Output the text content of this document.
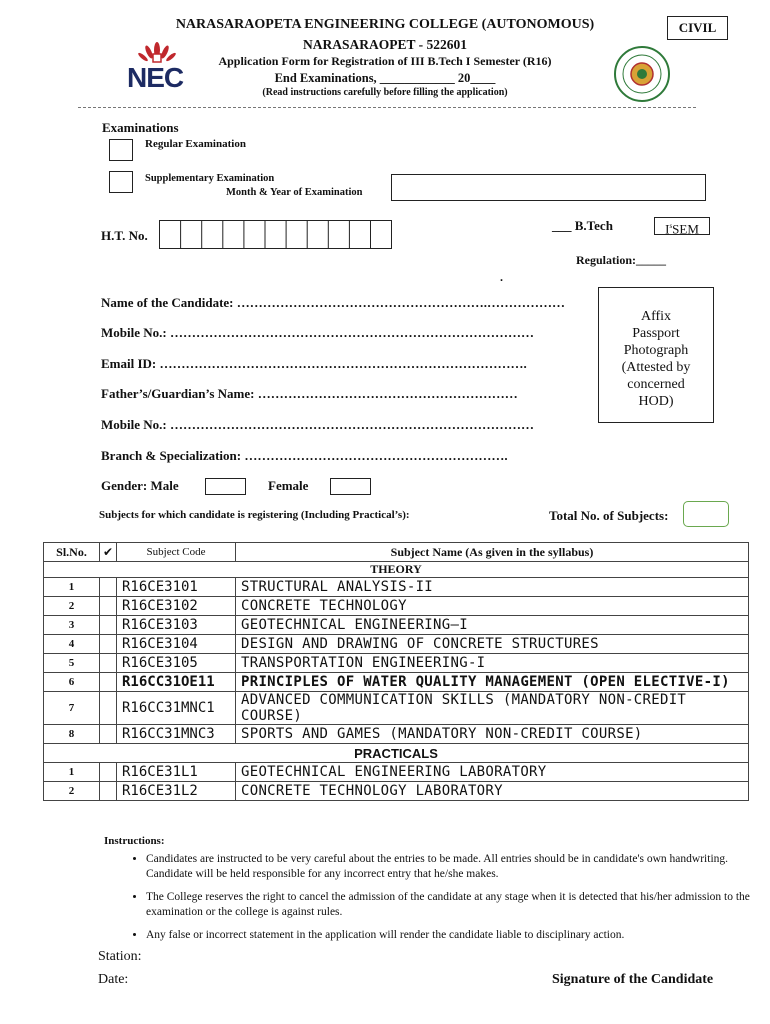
NARASARAOPETA ENGINEERING COLLEGE (AUTONOMOUS)
NARASARAOPET - 522601
Application Form for Registration of III B.Tech I Semester (R16)
End Examinations, ____________ 20____
(Read instructions carefully before filling the application)
CIVIL
NEC
Examinations
Regular Examination
Supplementary Examination
Month & Year of Examination
___ B.Tech	$I^sSEM$
H.T. No.
Regulation:_____
.
Name of the Candidate: ………………………………………………….………………
Mobile No.: …………………………………………………………………………
Email ID: ………………………………………………………………………….
Father’s/Guardian’s Name: ……………………………………………………
Mobile No.: …………………………………………………………………………
Branch & Specialization: …………………………………………………….
Gender: Male	Female
Affix
Passport
Photograph
(Attested by
concerned
HOD)
Subjects for which candidate is registering (Including Practical’s):	Total No. of Subjects:
Sl.No.	✔	Subject Code	Subject Name (As given in the syllabus)
THEORY			
1		R16CE3101	STRUCTURAL ANALYSIS-II
2		R16CE3102	CONCRETE TECHNOLOGY
3		R16CE3103	GEOTECHNICAL ENGINEERING–I
4		R16CE3104	DESIGN AND DRAWING OF CONCRETE STRUCTURES
5		R16CE3105	TRANSPORTATION ENGINEERING-I
6		R16CC31OE11	PRINCIPLES OF WATER QUALITY MANAGEMENT (OPEN ELECTIVE-I)
7		R16CC31MNC1	ADVANCED COMMUNICATION SKILLS (MANDATORY NON-CREDIT COURSE)
8		R16CC31MNC3	SPORTS AND GAMES (MANDATORY NON-CREDIT COURSE)
PRACTICALS			
1		R16CE31L1	GEOTECHNICAL ENGINEERING LABORATORY
2		R16CE31L2	CONCRETE TECHNOLOGY LABORATORY
Instructions:
• Candidates are instructed to be very careful about the entries to be made. All entries should be in candidate's own handwriting. Candidate will be held responsible for any incorrect entry that he/she makes.
• The College reserves the right to cancel the admission of the candidate at any stage when it is detected that his/her admission to the examination or the college is against rules.
• Any false or incorrect statement in the application will render the candidate liable to disciplinary action.
Station:
Date:	Signature of the Candidate
